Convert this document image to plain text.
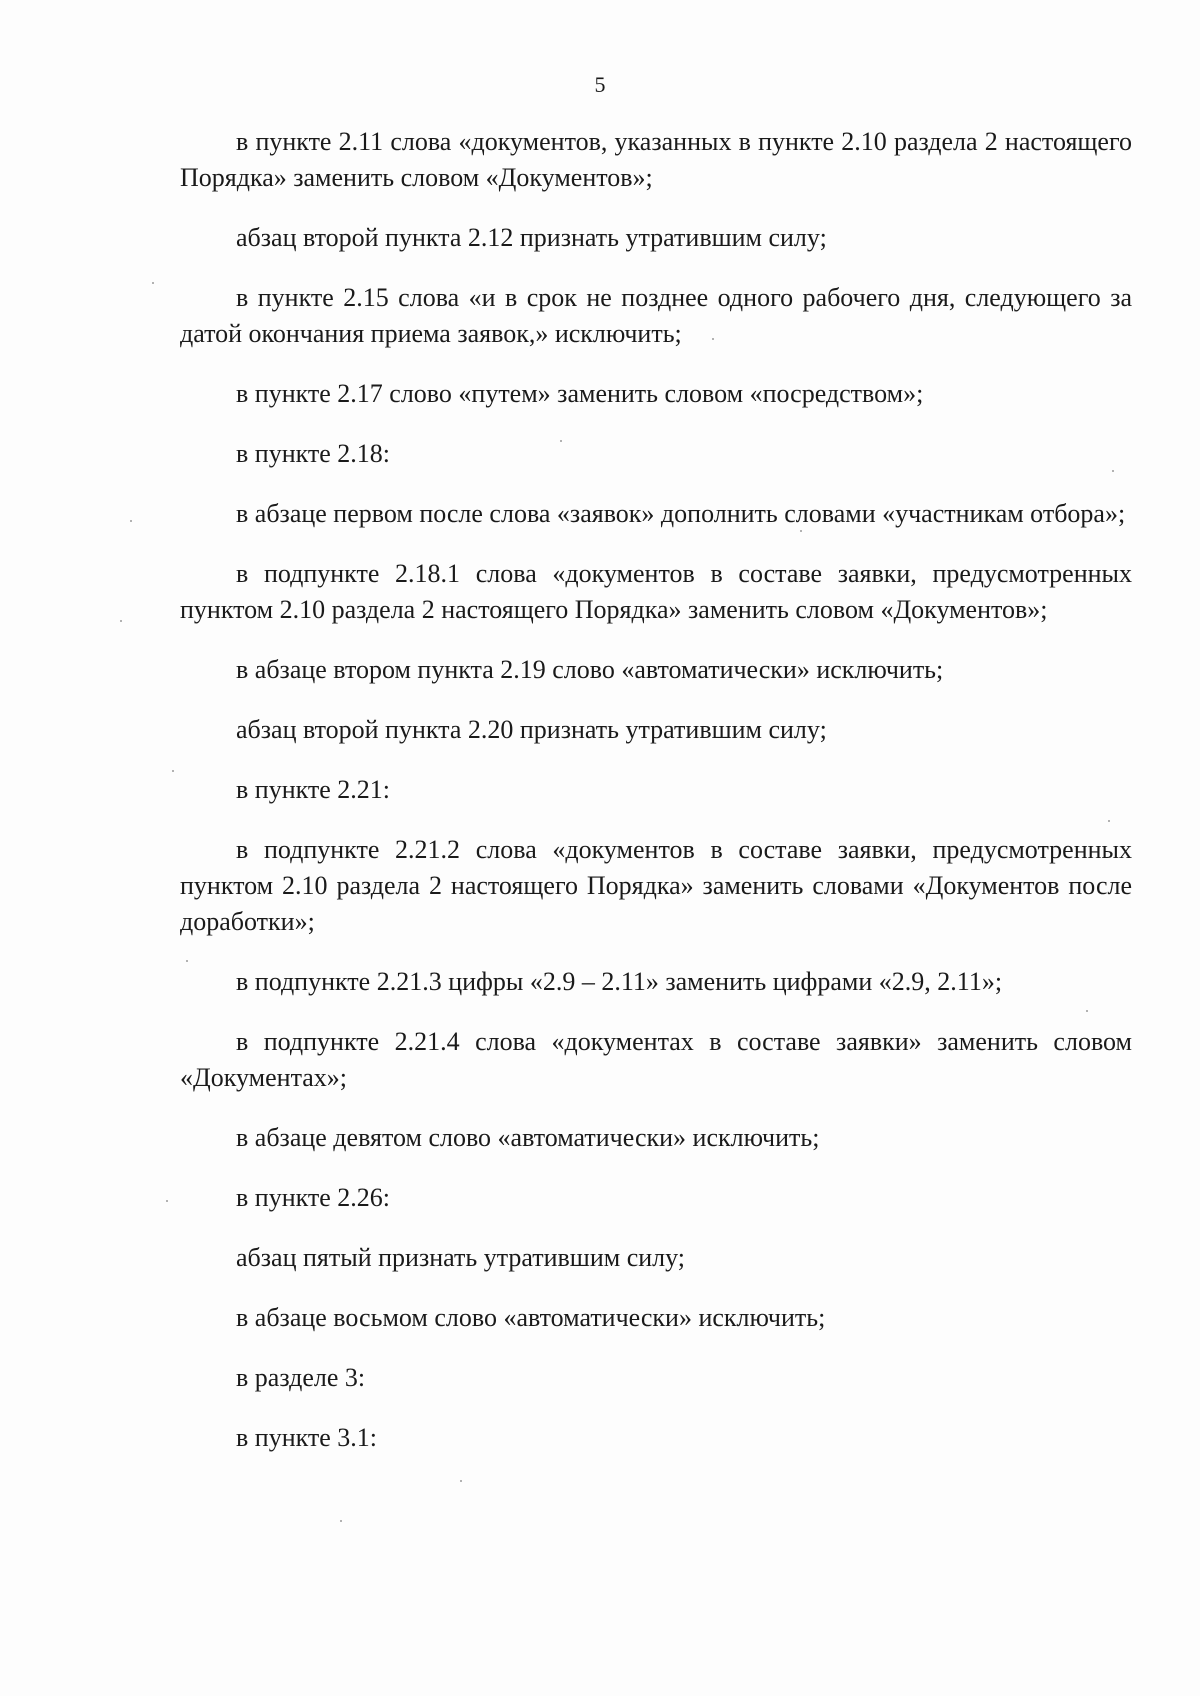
5

в пункте 2.11 слова «документов, указанных в пункте 2.10 раздела 2 настоящего Порядка» заменить словом «Документов»;

абзац второй пункта 2.12 признать утратившим силу;

в пункте 2.15 слова «и в срок не позднее одного рабочего дня, следующего за датой окончания приема заявок,» исключить;

в пункте 2.17 слово «путем» заменить словом «посредством»;

в пункте 2.18:

в абзаце первом после слова «заявок» дополнить словами «участникам отбора»;

в подпункте 2.18.1 слова «документов в составе заявки, предусмотренных пунктом 2.10 раздела 2 настоящего Порядка» заменить словом «Документов»;

в абзаце втором пункта 2.19 слово «автоматически» исключить;

абзац второй пункта 2.20 признать утратившим силу;

в пункте 2.21:

в подпункте 2.21.2 слова «документов в составе заявки, предусмотренных пунктом 2.10 раздела 2 настоящего Порядка» заменить словами «Документов после доработки»;

в подпункте 2.21.3 цифры «2.9 – 2.11» заменить цифрами «2.9, 2.11»;

в подпункте 2.21.4 слова «документах в составе заявки» заменить словом «Документах»;

в абзаце девятом слово «автоматически» исключить;

в пункте 2.26:

абзац пятый признать утратившим силу;

в абзаце восьмом слово «автоматически» исключить;

в разделе 3:

в пункте 3.1:
